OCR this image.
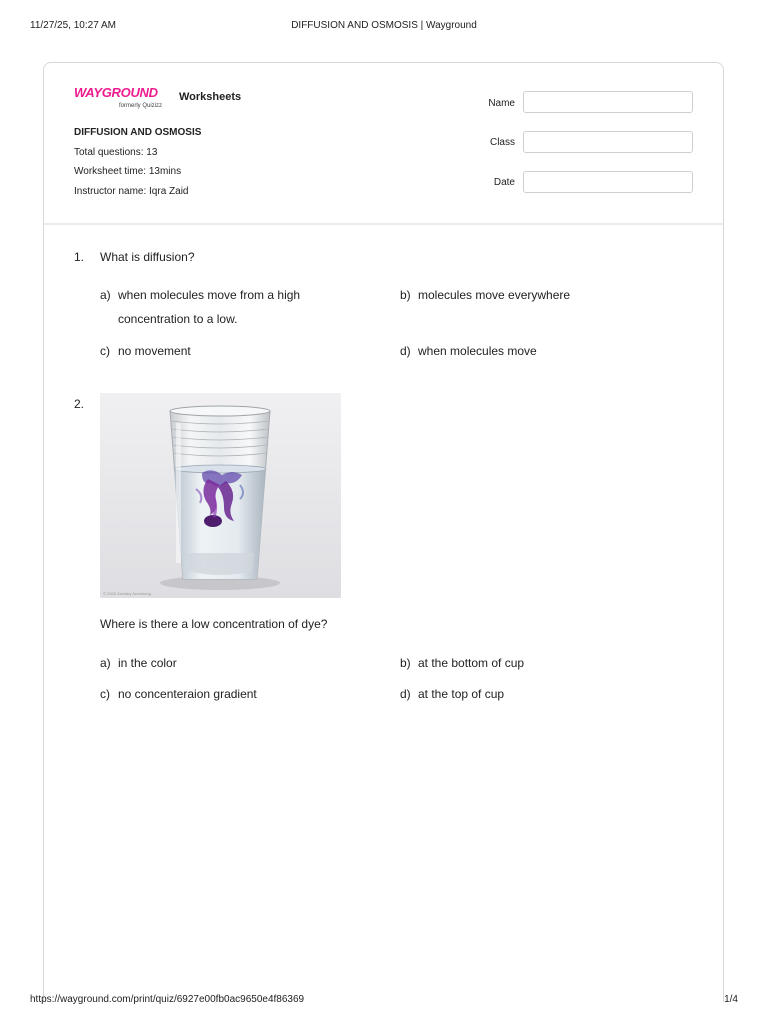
11/27/25, 10:27 AM	DIFFUSION AND OSMOSIS | Wayground
WAYGROUND
formerly Quizizz
Worksheets
DIFFUSION AND OSMOSIS
Total questions: 13
Worksheet time: 13mins
Instructor name: Iqra Zaid
Name
Class
Date
1. What is diffusion?
a) when molecules move from a high
concentration to a low.
b) molecules move everywhere
c) no movement	d) when molecules move
2.
© 2006 Zachary Armstrong
Where is there a low concentration of dye?
a) in the color	b) at the bottom of cup
c) no concenteraion gradient	d) at the top of cup
https://wayground.com/print/quiz/6927e00fb0ac9650e4f86369	1/4
